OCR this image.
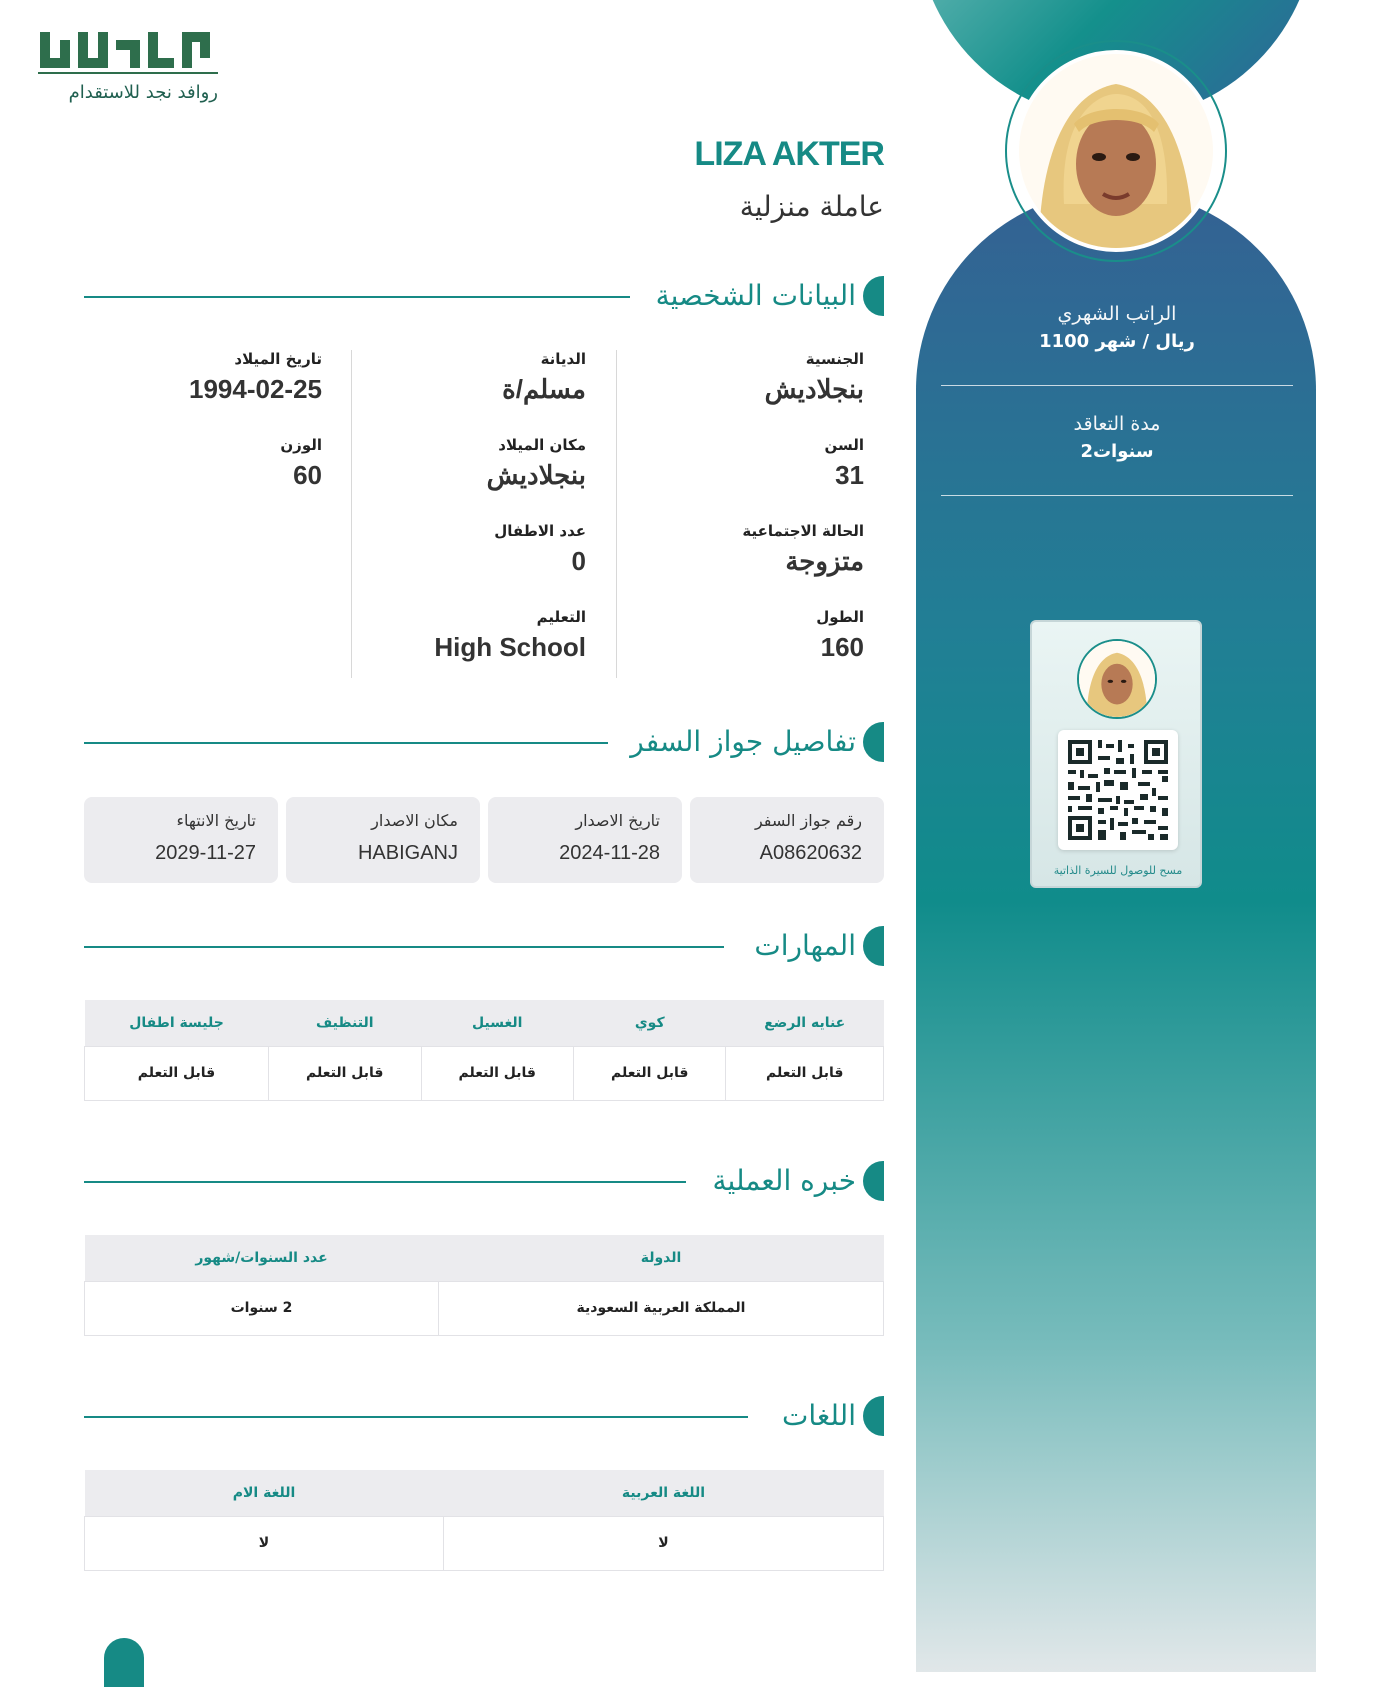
روافد نجد للاستقدام
LIZA AKTER
عاملة منزلية
الراتب الشهري
1100 ريال / شهر
مدة التعاقد
2سنوات
مسح للوصول للسيرة الذاتية
البيانات الشخصية
الجنسية
بنجلاديش
السن
31
الحالة الاجتماعية
متزوجة
الطول
160
الديانة
مسلم/ة
مكان الميلاد
بنجلاديش
عدد الاطفال
0
التعليم
High School
تاريخ الميلاد
1994-02-25
الوزن
60
تفاصيل جواز السفر
رقم جواز السفر
A08620632
تاريخ الاصدار
2024-11-28
مكان الاصدار
HABIGANJ
تاريخ الانتهاء
2029-11-27
المهارات
عنايه الرضع	كوي	الغسيل	التنظيف	جليسة اطفال
قابل التعلم	قابل التعلم	قابل التعلم	قابل التعلم	قابل التعلم
خبره العملية
الدولة	عدد السنوات/شهور
المملكة العربية السعودية	2 سنوات
اللغات
اللغة العربية	اللغة الام
لا	لا
